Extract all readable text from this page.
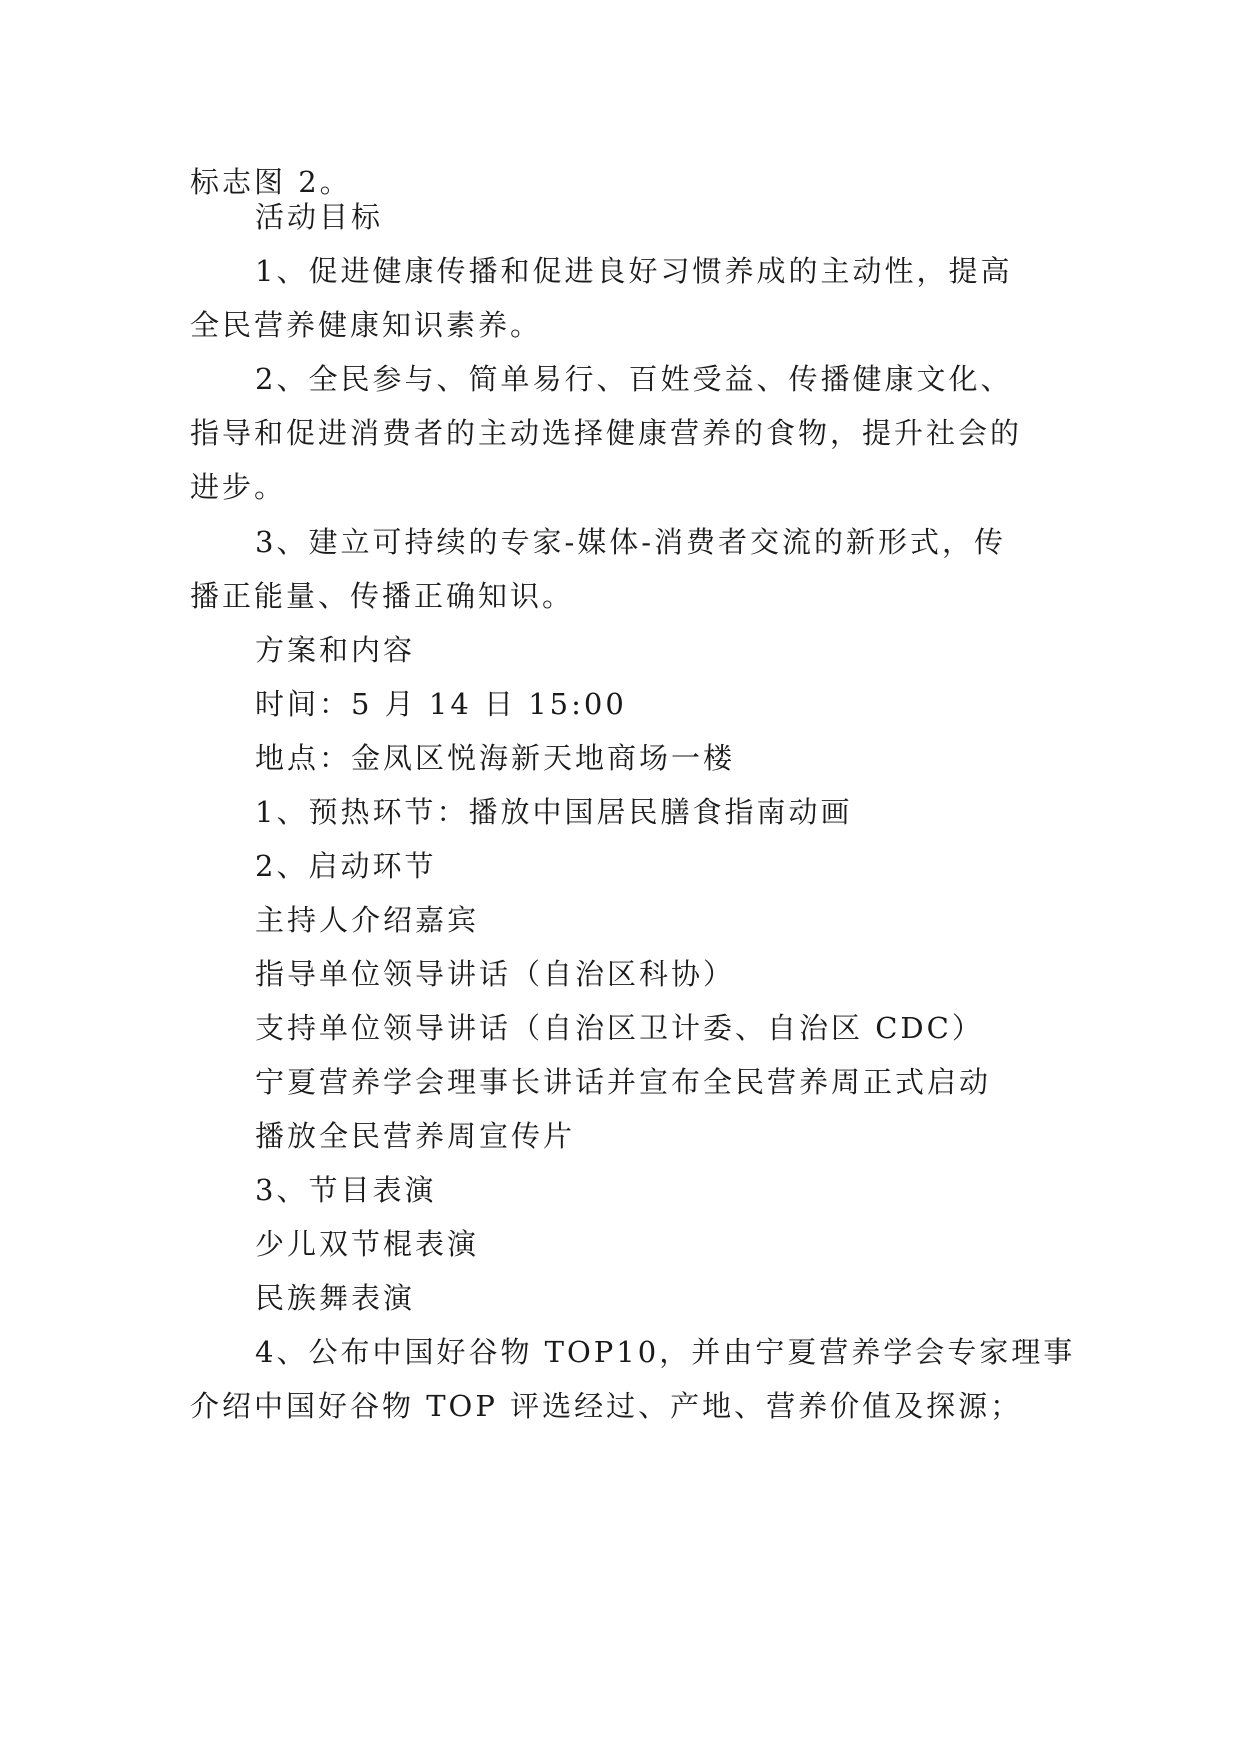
标志图 2。
活动目标
1、促进健康传播和促进良好习惯养成的主动性，提高
全民营养健康知识素养。
2、全民参与、简单易行、百姓受益、传播健康文化、
指导和促进消费者的主动选择健康营养的食物，提升社会的
进步。
3、建立可持续的专家-媒体-消费者交流的新形式，传
播正能量、传播正确知识。
方案和内容
时间：5 月 14 日 15:00
地点：金凤区悦海新天地商场一楼
1、预热环节：播放中国居民膳食指南动画
2、启动环节
主持人介绍嘉宾
指导单位领导讲话（自治区科协）
支持单位领导讲话（自治区卫计委、自治区 CDC）
宁夏营养学会理事长讲话并宣布全民营养周正式启动
播放全民营养周宣传片
3、节目表演
少儿双节棍表演
民族舞表演
4、公布中国好谷物 TOP10，并由宁夏营养学会专家理事
介绍中国好谷物 TOP 评选经过、产地、营养价值及探源；
